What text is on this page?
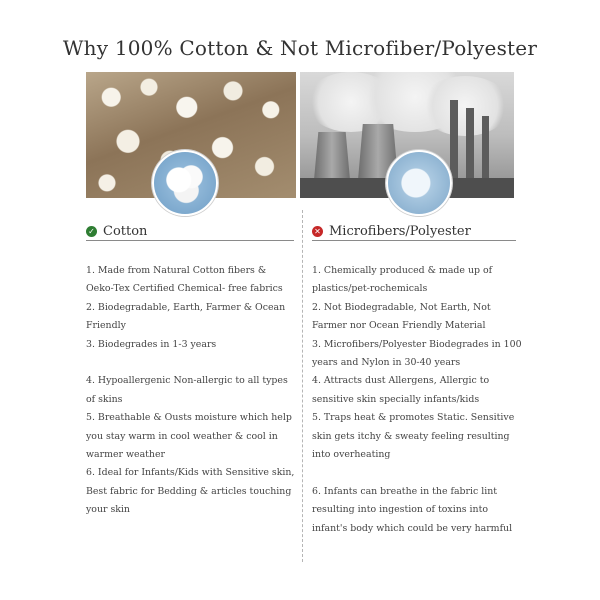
Why 100% Cotton & Not Microfiber/Polyester
✓ Cotton	✕ Microfibers/Polyester

1. Made from Natural Cotton fibers & Oeko-Tex Certified Chemical- free fabrics

2. Biodegradable, Earth, Farmer & Ocean Friendly

3. Biodegrades in 1-3 years

4. Hypoallergenic Non-allergic to all types of skins

5. Breathable & Ousts moisture which help you stay warm in cool weather & cool in warmer weather

6. Ideal for Infants/Kids with Sensitive skin, Best fabric for Bedding & articles touching your skin

1. Chemically produced & made up of plastics/pet-rochemicals

2. Not Biodegradable, Not Earth, Not Farmer nor Ocean Friendly Material

3. Microfibers/Polyester Biodegrades in 100 years and Nylon in 30-40 years

4. Attracts dust Allergens, Allergic to sensitive skin specially infants/kids

5. Traps heat & promotes Static. Sensitive skin gets itchy & sweaty feeling resulting into overheating

6. Infants can breathe in the fabric lint resulting into ingestion of toxins into infant's body which could be very harmful
